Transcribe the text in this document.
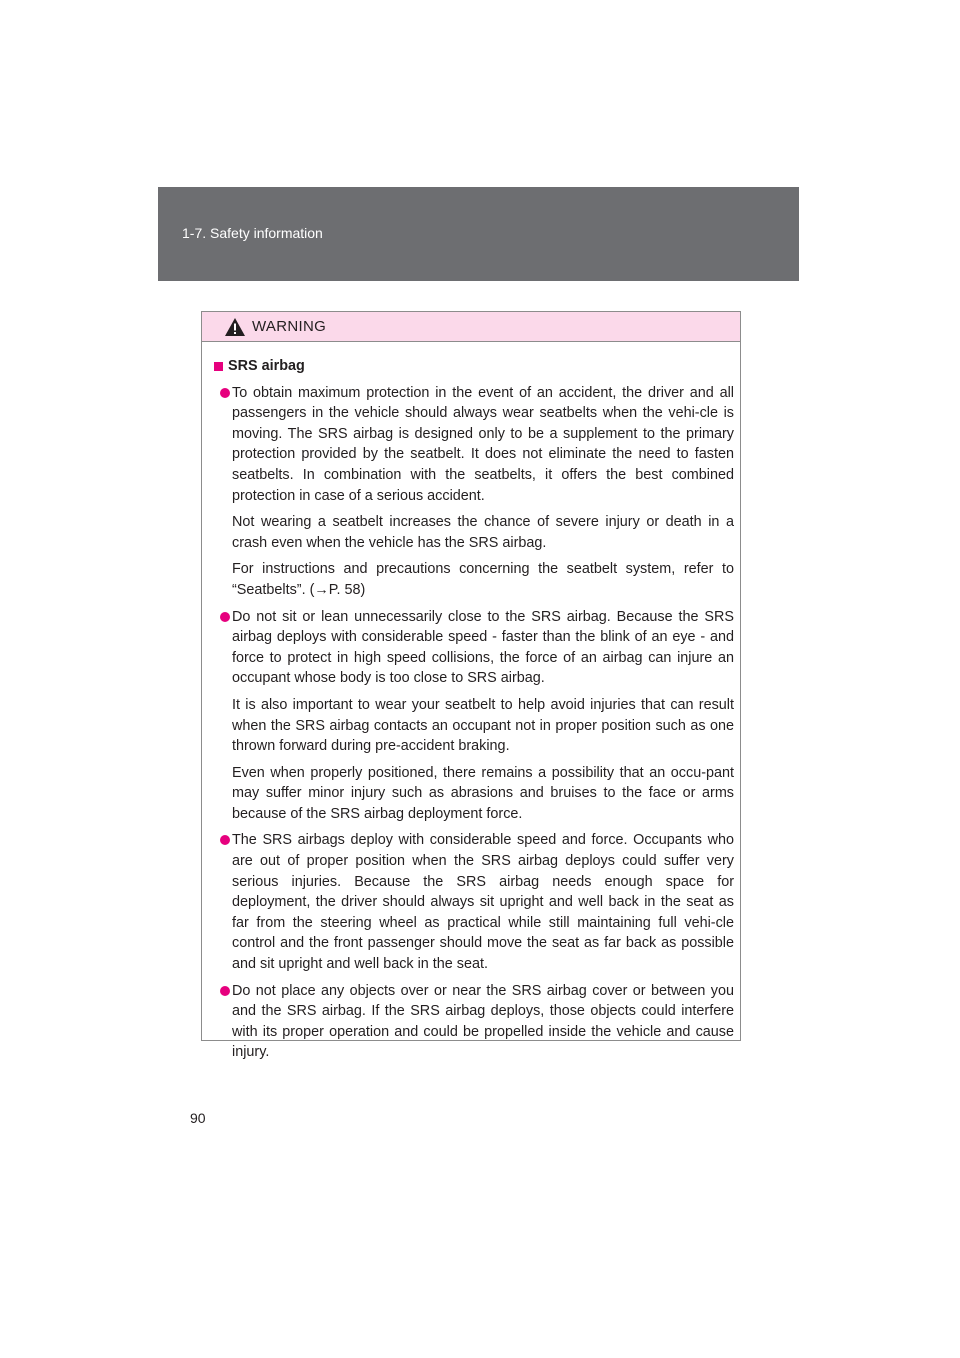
1-7. Safety information
WARNING
SRS airbag

To obtain maximum protection in the event of an accident, the driver and all passengers in the vehicle should always wear seatbelts when the vehi-cle is moving. The SRS airbag is designed only to be a supplement to the primary protection provided by the seatbelt. It does not eliminate the need to fasten seatbelts. In combination with the seatbelts, it offers the best combined protection in case of a serious accident.

Not wearing a seatbelt increases the chance of severe injury or death in a crash even when the vehicle has the SRS airbag.

For instructions and precautions concerning the seatbelt system, refer to “Seatbelts”. (→P. 58)

Do not sit or lean unnecessarily close to the SRS airbag. Because the SRS airbag deploys with considerable speed - faster than the blink of an eye - and force to protect in high speed collisions, the force of an airbag can injure an occupant whose body is too close to SRS airbag.

It is also important to wear your seatbelt to help avoid injuries that can result when the SRS airbag contacts an occupant not in proper position such as one thrown forward during pre-accident braking.

Even when properly positioned, there remains a possibility that an occu-pant may suffer minor injury such as abrasions and bruises to the face or arms because of the SRS airbag deployment force.

The SRS airbags deploy with considerable speed and force. Occupants who are out of proper position when the SRS airbag deploys could suffer very serious injuries. Because the SRS airbag needs enough space for deployment, the driver should always sit upright and well back in the seat as far from the steering wheel as practical while still maintaining full vehi-cle control and the front passenger should move the seat as far back as possible and sit upright and well back in the seat.

Do not place any objects over or near the SRS airbag cover or between you and the SRS airbag. If the SRS airbag deploys, those objects could interfere with its proper operation and could be propelled inside the vehicle and cause injury.

90
